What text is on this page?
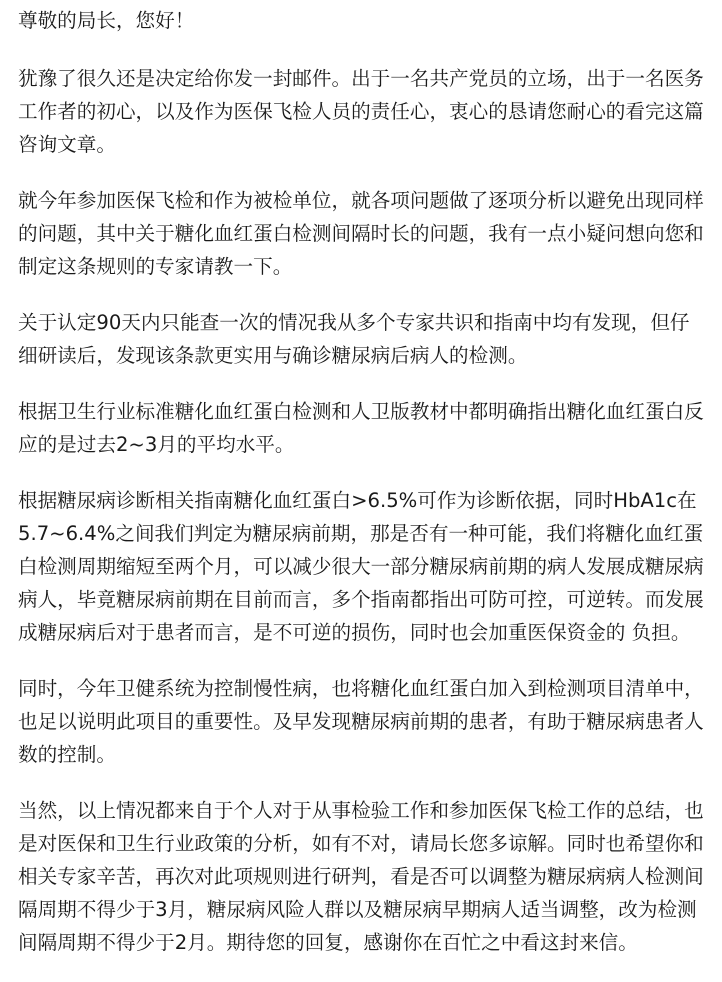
尊敬的局长，您好！

犹豫了很久还是决定给你发一封邮件。出于一名共产党员的立场，出于一名医务工作者的初心，以及作为医保飞检人员的责任心，衷心的恳请您耐心的看完这篇咨询文章。

就今年参加医保飞检和作为被检单位，就各项问题做了逐项分析以避免出现同样的问题，其中关于糖化血红蛋白检测间隔时长的问题，我有一点小疑问想向您和制定这条规则的专家请教一下。

关于认定90天内只能查一次的情况我从多个专家共识和指南中均有发现，但仔细研读后，发现该条款更实用与确诊糖尿病后病人的检测。

根据卫生行业标准糖化血红蛋白检测和人卫版教材中都明确指出糖化血红蛋白反应的是过去2~3月的平均水平。

根据糖尿病诊断相关指南糖化血红蛋白>6.5%可作为诊断依据，同时HbA1c在5.7~6.4%之间我们判定为糖尿病前期，那是否有一种可能，我们将糖化血红蛋白检测周期缩短至两个月，可以减少很大一部分糖尿病前期的病人发展成糖尿病病人，毕竟糖尿病前期在目前而言，多个指南都指出可防可控，可逆转。而发展成糖尿病后对于患者而言，是不可逆的损伤，同时也会加重医保资金的 负担。

同时，今年卫健系统为控制慢性病，也将糖化血红蛋白加入到检测项目清单中，也足以说明此项目的重要性。及早发现糖尿病前期的患者，有助于糖尿病患者人数的控制。

当然，以上情况都来自于个人对于从事检验工作和参加医保飞检工作的总结，也是对医保和卫生行业政策的分析，如有不对，请局长您多谅解。同时也希望你和相关专家辛苦，再次对此项规则进行研判，看是否可以调整为糖尿病病人检测间隔周期不得少于3月，糖尿病风险人群以及糖尿病早期病人适当调整，改为检测间隔周期不得少于2月。期待您的回复，感谢你在百忙之中看这封来信。
